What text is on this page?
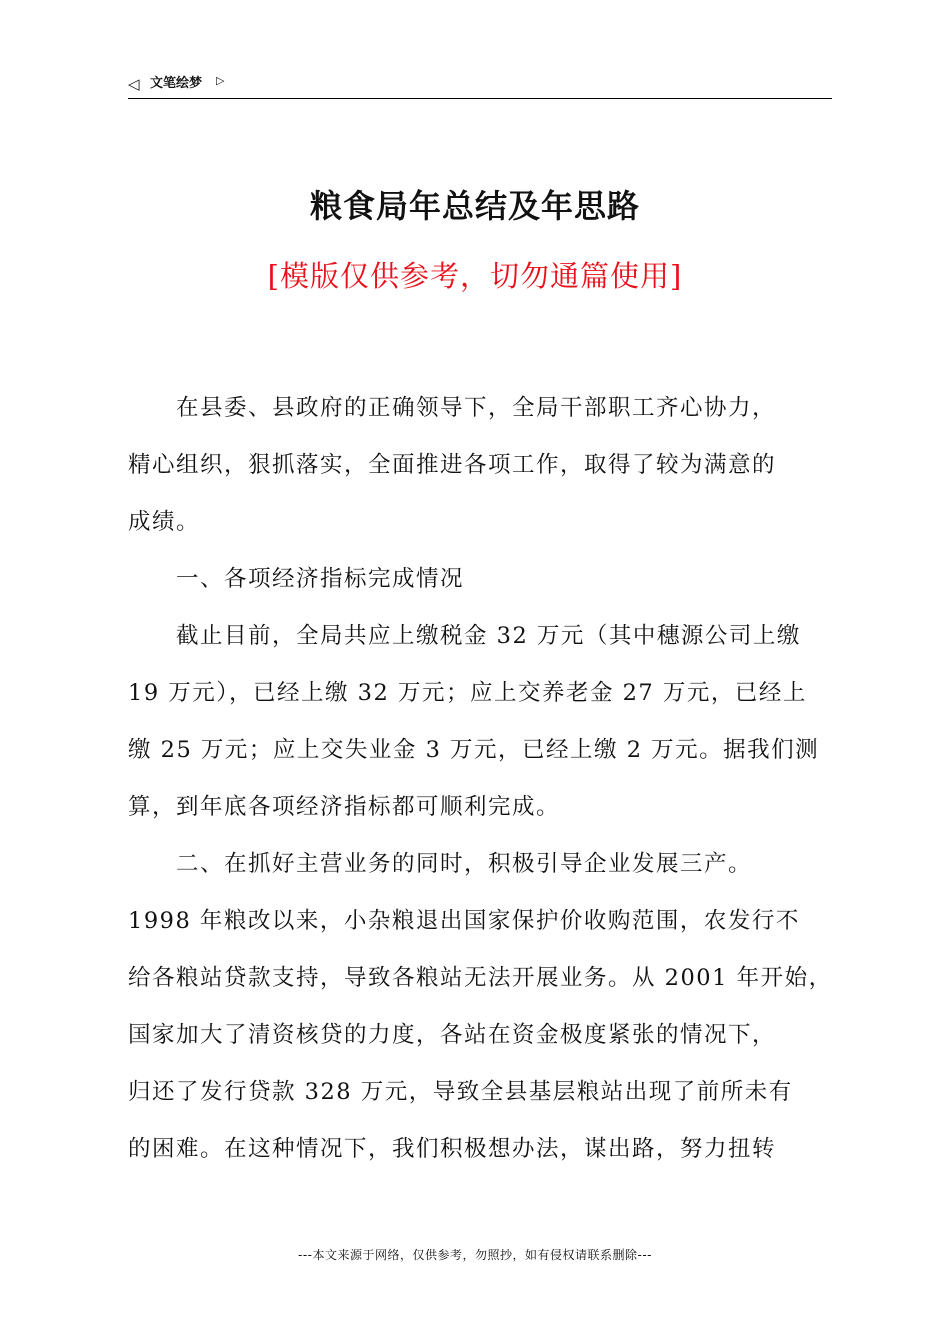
◁ 文笔绘梦 ▷
粮食局年总结及年思路
[模版仅供参考，切勿通篇使用]
　　在县委、县政府的正确领导下，全局干部职工齐心协力，
精心组织，狠抓落实，全面推进各项工作，取得了较为满意的
成绩。
　　一、各项经济指标完成情况
　　截止目前，全局共应上缴税金 32 万元（其中穗源公司上缴
19 万元），已经上缴 32 万元；应上交养老金 27 万元，已经上
缴 25 万元；应上交失业金 3 万元，已经上缴 2 万元。据我们测
算，到年底各项经济指标都可顺利完成。
　　二、在抓好主营业务的同时，积极引导企业发展三产。
1998 年粮改以来，小杂粮退出国家保护价收购范围，农发行不
给各粮站贷款支持，导致各粮站无法开展业务。从 2001 年开始，
国家加大了清资核贷的力度，各站在资金极度紧张的情况下，
归还了发行贷款 328 万元，导致全县基层粮站出现了前所未有
的困难。在这种情况下，我们积极想办法，谋出路，努力扭转
---本文来源于网络，仅供参考，勿照抄，如有侵权请联系删除---
